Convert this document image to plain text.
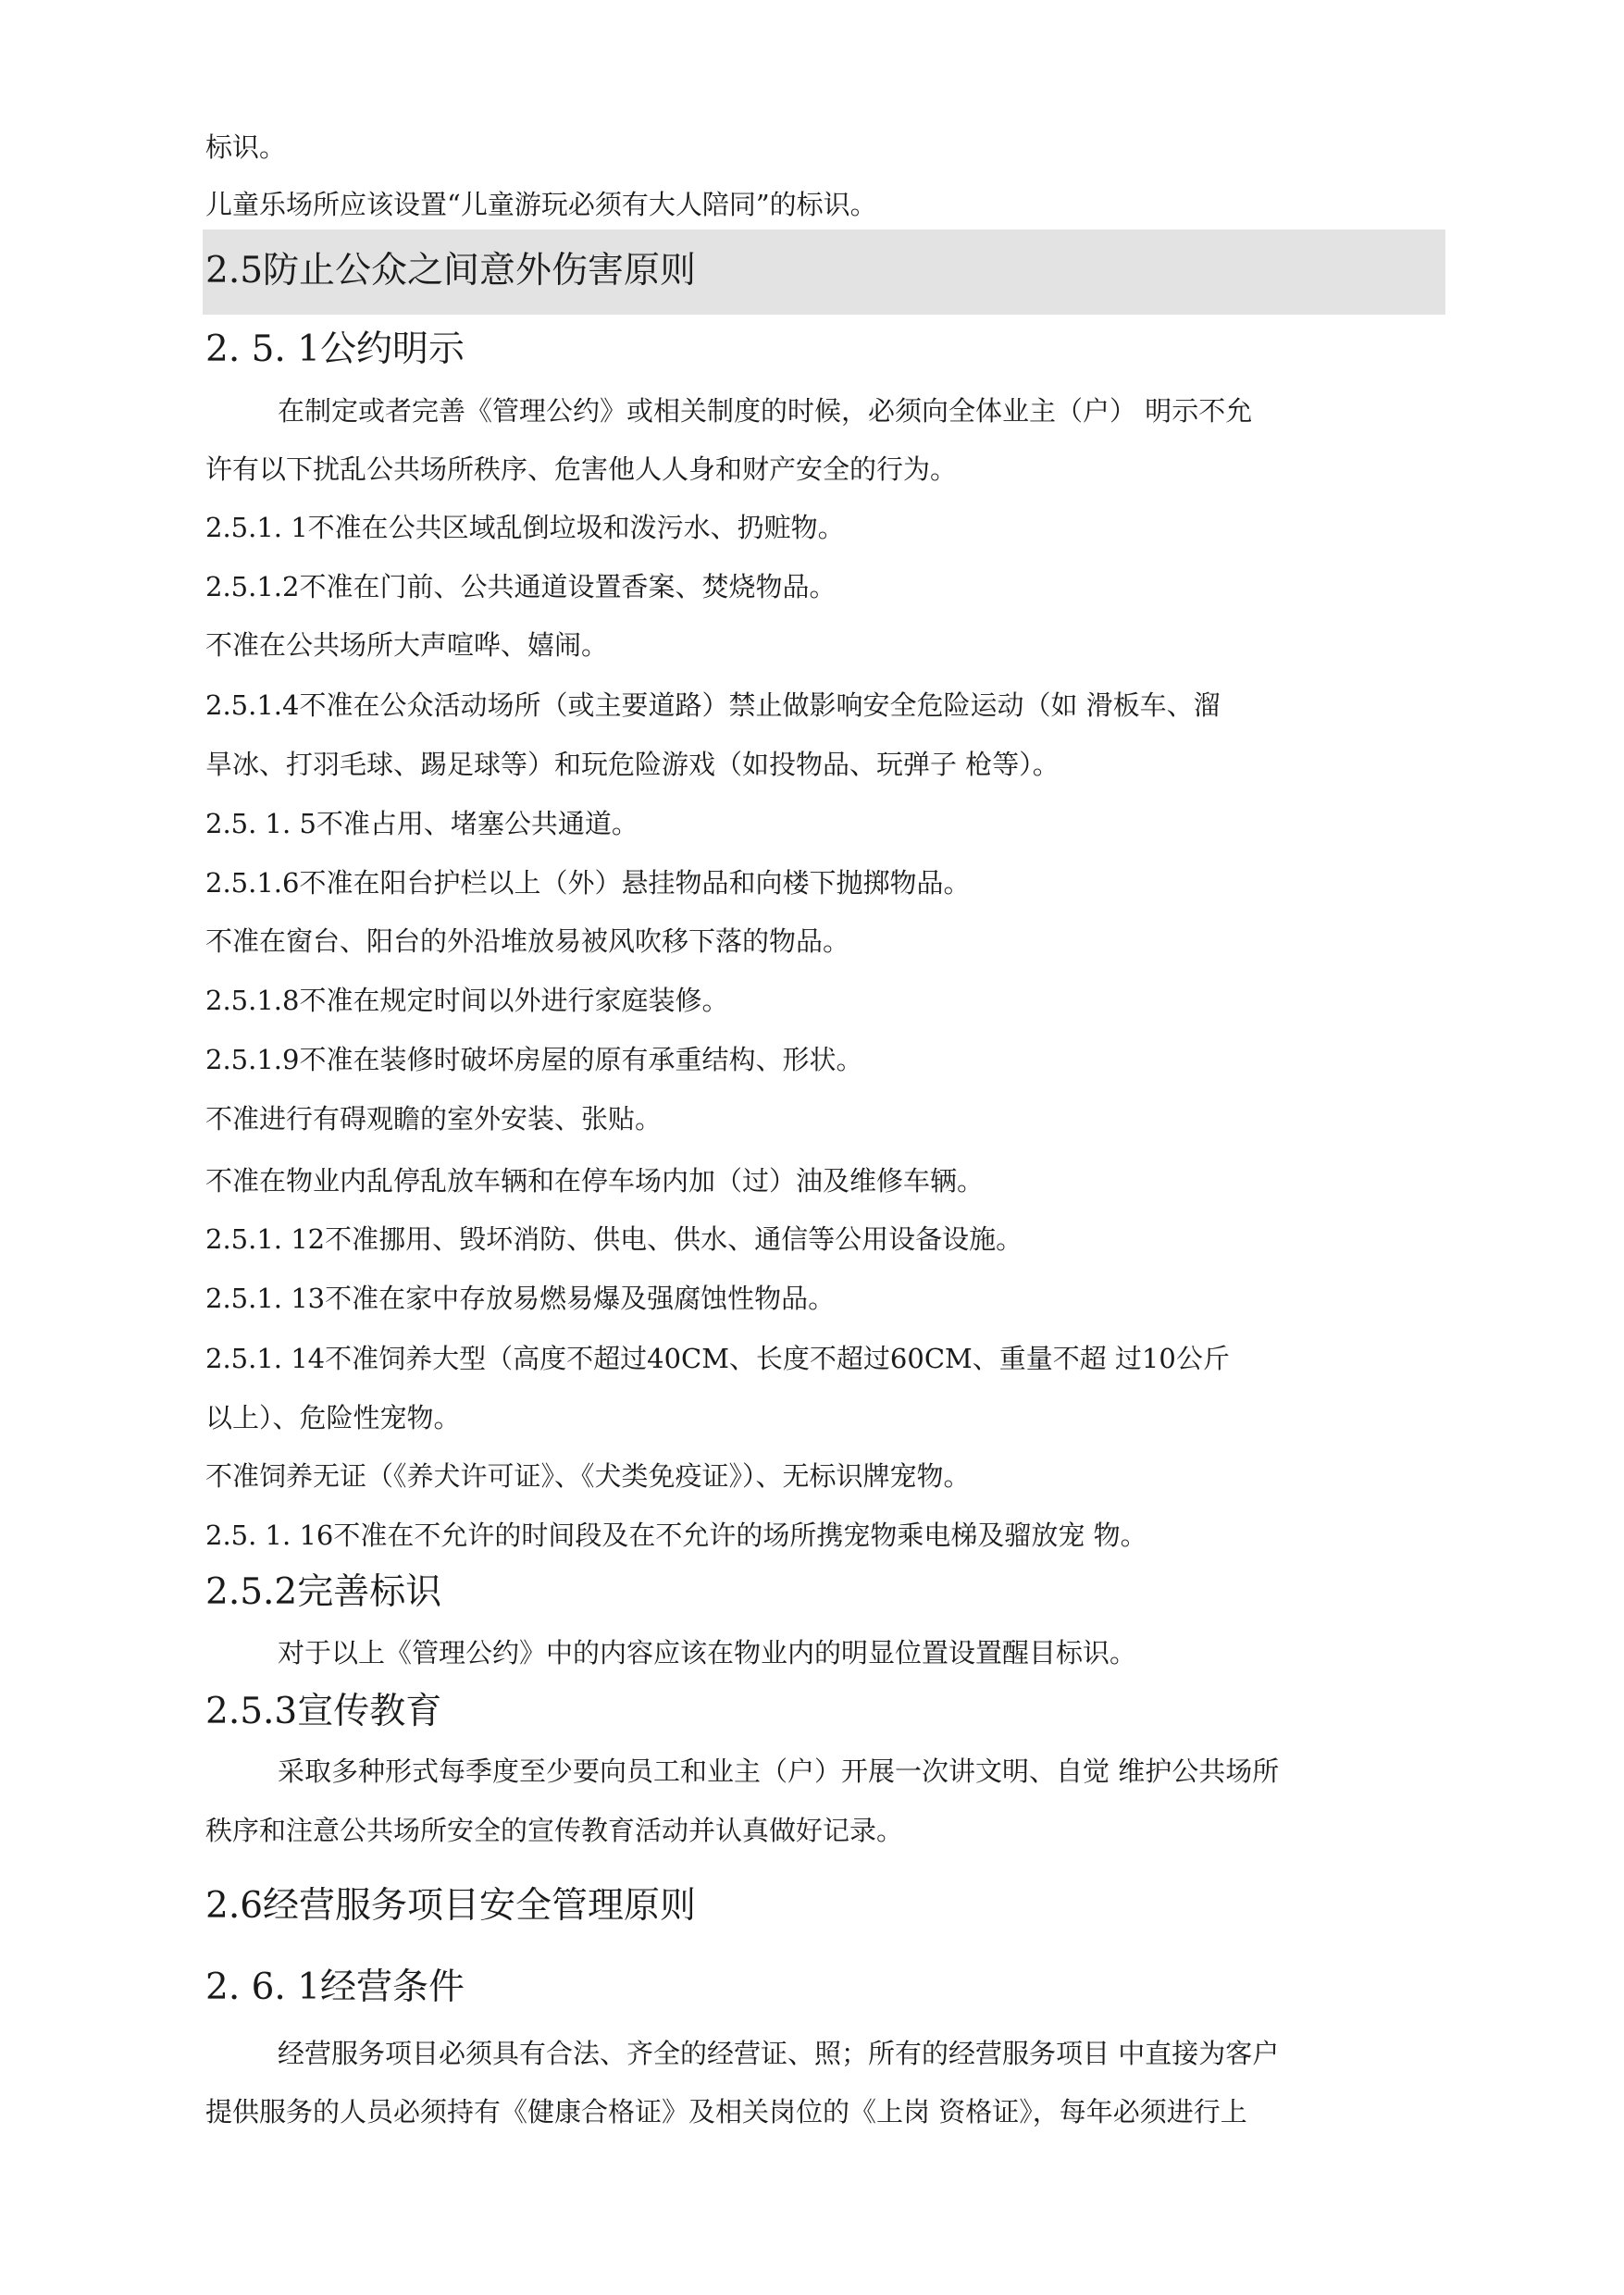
标识。
儿童乐场所应该设置“儿童游玩必须有大人陪同”的标识。
2.5防止公众之间意外伤害原则
2. 5. 1公约明示
在制定或者完善《管理公约》或相关制度的时候，必须向全体业主（户） 明示不允
许有以下扰乱公共场所秩序、危害他人人身和财产安全的行为。
2.5.1. 1不准在公共区域乱倒垃圾和泼污水、扔赃物。
2.5.1.2不准在门前、公共通道设置香案、焚烧物品。
不准在公共场所大声喧哗、嬉闹。
2.5.1.4不准在公众活动场所（或主要道路）禁止做影响安全危险运动（如 滑板车、溜
旱冰、打羽毛球、踢足球等）和玩危险游戏（如投物品、玩弹子 枪等）。
2.5. 1. 5不准占用、堵塞公共通道。
2.5.1.6不准在阳台护栏以上（外）悬挂物品和向楼下抛掷物品。
不准在窗台、阳台的外沿堆放易被风吹移下落的物品。
2.5.1.8不准在规定时间以外进行家庭装修。
2.5.1.9不准在装修时破坏房屋的原有承重结构、形状。
不准进行有碍观瞻的室外安装、张贴。
不准在物业内乱停乱放车辆和在停车场内加（过）油及维修车辆。
2.5.1. 12不准挪用、毁坏消防、供电、供水、通信等公用设备设施。
2.5.1. 13不准在家中存放易燃易爆及强腐蚀性物品。
2.5.1. 14不准饲养大型（高度不超过40CM、长度不超过60CM、重量不超 过10公斤
以上）、危险性宠物。
不准饲养无证（《养犬许可证》、《犬类免疫证》）、无标识牌宠物。
2.5. 1. 16不准在不允许的时间段及在不允许的场所携宠物乘电梯及骝放宠 物。
2.5.2完善标识
对于以上《管理公约》中的内容应该在物业内的明显位置设置醒目标识。
2.5.3宣传教育
采取多种形式每季度至少要向员工和业主（户）开展一次讲文明、自觉 维护公共场所
秩序和注意公共场所安全的宣传教育活动并认真做好记录。
2.6经营服务项目安全管理原则
2. 6. 1经营条件
经营服务项目必须具有合法、齐全的经营证、照；所有的经营服务项目 中直接为客户
提供服务的人员必须持有《健康合格证》及相关岗位的《上岗 资格证》，每年必须进行上
